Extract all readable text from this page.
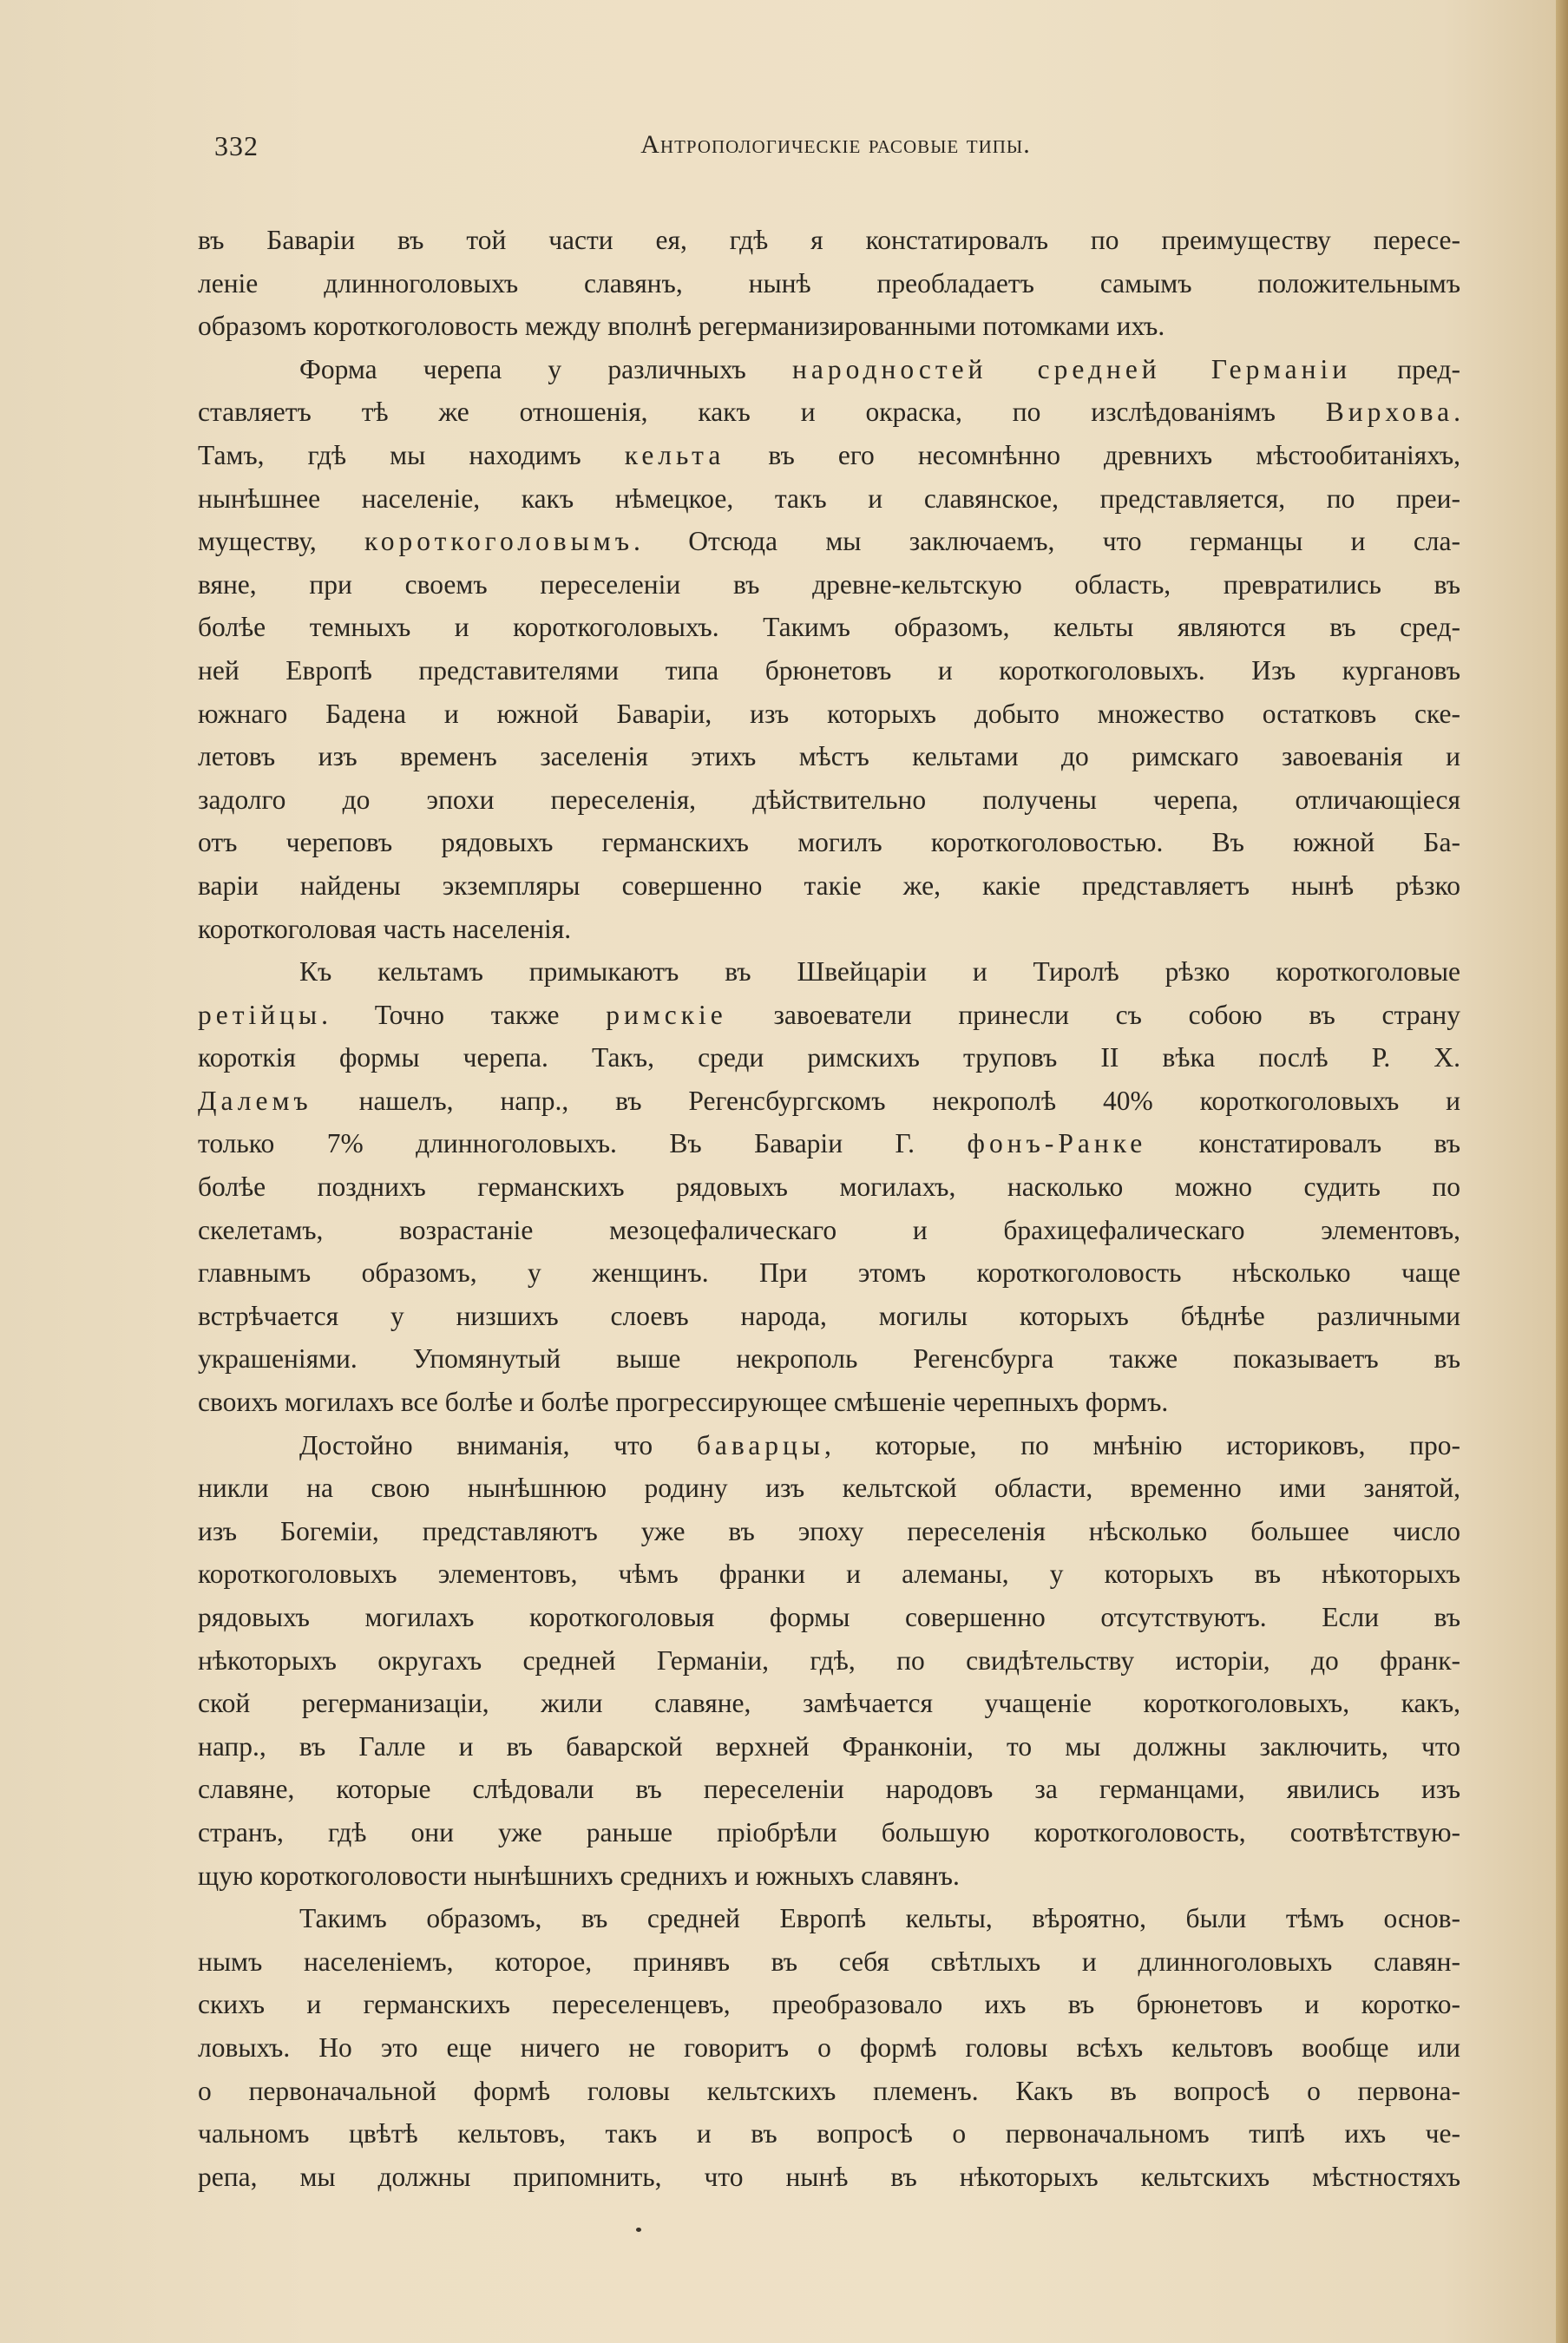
332	Антропологическіе расовые типы.

въ Баваріи въ той части ея, гдѣ я констатировалъ по преимуществу пересе-

леніе длинноголовыхъ славянъ, нынѣ преобладаетъ самымъ положительнымъ

образомъ короткоголовость между вполнѣ регерманизированными потомками ихъ.

Форма черепа у различныхъ народностей средней Германіи пред-

ставляетъ тѣ же отношенія, какъ и окраска, по изслѣдованіямъ Вирхова.

Тамъ, гдѣ мы находимъ кельта въ его несомнѣнно древнихъ мѣстообитаніяхъ,

нынѣшнее населеніе, какъ нѣмецкое, такъ и славянское, представляется, по преи-

муществу, короткоголовымъ. Отсюда мы заключаемъ, что германцы и сла-

вяне, при своемъ переселеніи въ древне-кельтскую область, превратились въ

болѣе темныхъ и короткоголовыхъ. Такимъ образомъ, кельты являются въ сред-

ней Европѣ представителями типа брюнетовъ и короткоголовыхъ. Изъ кургановъ

южнаго Бадена и южной Баваріи, изъ которыхъ добыто множество остатковъ ске-

летовъ изъ временъ заселенія этихъ мѣстъ кельтами до римскаго завоеванія и

задолго до эпохи переселенія, дѣйствительно получены черепа, отличающіеся

отъ череповъ рядовыхъ германскихъ могилъ короткоголовостью. Въ южной Ба-

варіи найдены экземпляры совершенно такіе же, какіе представляетъ нынѣ рѣзко

короткоголовая часть населенія.

Къ кельтамъ примыкаютъ въ Швейцаріи и Тиролѣ рѣзко короткоголовые

ретійцы. Точно также римскіе завоеватели принесли съ собою въ страну

короткія формы черепа. Такъ, среди римскихъ труповъ II вѣка послѣ Р. X.

Далемъ нашелъ, напр., въ Регенсбургскомъ некрополѣ 40% короткоголовыхъ и

только 7% длинноголовыхъ. Въ Баваріи Г. фонъ-Ранке констатировалъ въ

болѣе позднихъ германскихъ рядовыхъ могилахъ, насколько можно судить по

скелетамъ, возрастаніе мезоцефалическаго и брахицефалическаго элементовъ,

главнымъ образомъ, у женщинъ. При этомъ короткоголовость нѣсколько чаще

встрѣчается у низшихъ слоевъ народа, могилы которыхъ бѣднѣе различными

украшеніями. Упомянутый выше некрополь Регенсбурга также показываетъ въ

своихъ могилахъ все болѣе и болѣе прогрессирующее смѣшеніе черепныхъ формъ.

Достойно вниманія, что баварцы, которые, по мнѣнію историковъ, про-

никли на свою нынѣшнюю родину изъ кельтской области, временно ими занятой,

изъ Богеміи, представляютъ уже въ эпоху переселенія нѣсколько большее число

короткоголовыхъ элементовъ, чѣмъ франки и алеманы, у которыхъ въ нѣкоторыхъ

рядовыхъ могилахъ короткоголовыя формы совершенно отсутствуютъ. Если въ

нѣкоторыхъ округахъ средней Германіи, гдѣ, по свидѣтельству исторіи, до франк-

ской регерманизаціи, жили славяне, замѣчается учащеніе короткоголовыхъ, какъ,

напр., въ Галле и въ баварской верхней Франконіи, то мы должны заключить, что

славяне, которые слѣдовали въ переселеніи народовъ за германцами, явились изъ

странъ, гдѣ они уже раньше пріобрѣли большую короткоголовость, соотвѣтствую-

щую короткоголовости нынѣшнихъ среднихъ и южныхъ славянъ.

Такимъ образомъ, въ средней Европѣ кельты, вѣроятно, были тѣмъ основ-

нымъ населеніемъ, которое, принявъ въ себя свѣтлыхъ и длинноголовыхъ славян-

скихъ и германскихъ переселенцевъ, преобразовало ихъ въ брюнетовъ и коротко-

ловыхъ. Но это еще ничего не говоритъ о формѣ головы всѣхъ кельтовъ вообще или

о первоначальной формѣ головы кельтскихъ племенъ. Какъ въ вопросѣ о первона-

чальномъ цвѣтѣ кельтовъ, такъ и въ вопросѣ о первоначальномъ типѣ ихъ че-

репа, мы должны припомнить, что нынѣ въ нѣкоторыхъ кельтскихъ мѣстностяхъ
